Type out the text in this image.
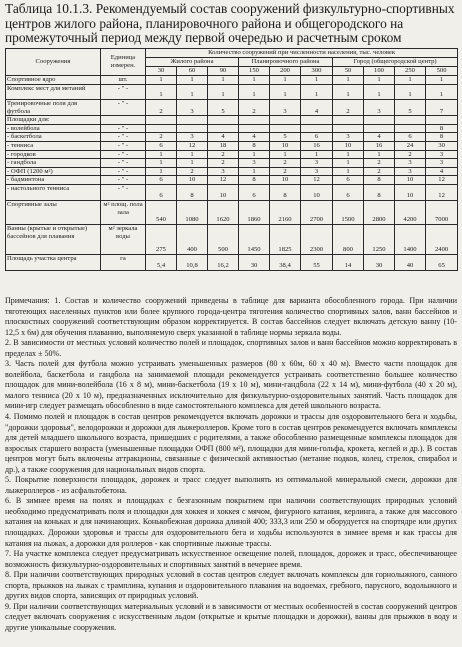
Таблица 10.1.3. Рекомендуемый состав сооружений физкультурно-спортивных центров жилого района, планировочного района и общегородского на промежуточный период между первой очередью и расчетным сроком
Сооружения	Единица измерен.	Количество сооружений при численности населения, тыс. человек									
		Жилого района			Планировочного района			Город (общегородской центр)			
		30	60	90	150	200	300	50	100	250	500
Спортивное ядро	шт.	1	1	1	1	1	1	1	1	1	1
Комплекс мест для метаний	- " -	1	1	1	1	1	1	1	1	1	1
Тренировочные поля для футбола	- " -	2	3	5	2	3	4	2	3	5	7
Площадки для:											
- волейбола	- " -										8
- баскетбола	- " -	2	3	4	4	5	6	3	4	6	8
- тенниса	- " -	6	12	18	8	10	16	10	16	24	30
- городков	- " -	1	1	2	1	1	1	1	1	2	3
- гандбола	- " -	1	1	2	3	2	3	1	2	3	3
- ОФП (1200 м²)	- " -	1	2	3	1	2	3	1	2	3	4
- бадминтона	- " -	6	10	12	8	10	12	6	8	10	12
- настольного тенниса	- " -	6	8	10	6	8	10	6	8	10	12
Спортивные залы	м² площ. пола зала	540	1080	1620	1860	2160	2700	1500	2800	4200	7000
Ванны (крытые и открытые) бассейнов для плавания	м² зеркала воды	275	400	500	1450	1825	2300	800	1250	1400	2400
Площадь участка центра	га	5,4	10,8	16,2	30	38,4	55	14	30	40	65

Примечания: 1. Состав и количество сооружений приведены в таблице для варианта обособленного города. При наличии тяготеющих населенных пунктов или более крупного города-центра тяготения количество спортивных залов, ванн бассейнов и плоскостных сооружений соответствующим образом корректируется. В состав бассейнов следует включать детскую ванну (10-12,5 x 6м) для обучения плаванию, выполняемую сверх указанной в таблице нормы зеркала воды.

2. В зависимости от местных условий количество полей и площадок, спортивных залов и ванн бассейнов можно корректировать в пределах ± 50%.

3. Часть полей для футбола можно устраивать уменьшенных размеров (80 x 60м, 60 x 40 м). Вместо части площадок для волейбола, баскетбола и гандбола на занимаемой площади рекомендуется устраивать соответственно большее количество площадок для мини-волейбола (16 x 8 м), мини-баскетбола (19 x 10 м), мини-гандбола (22 x 14 м), мини-футбола (40 x 20 м), малого тенниса (20 x 10 м), предназначенных исключительно для физкультурно-оздоровительных занятий. Часть площадок для мини-игр следует размещать обособленно в виде самостоятельного комплекса для детей школьного возраста.

4. Помимо полей и площадок в состав центров рекомендуется включать дорожки и трассы для оздоровительного бега и ходьбы, "дорожки здоровья", велодорожки и дорожки для лыжероллеров. Кроме того в состав центров рекомендуется включать комплексы для детей младшего школьного возраста, пришедших с родителями, а также обособленно размещенные комплексы площадок для взрослых старшего возраста (уменьшенные площадки ОФП (800 м²), площадки для мини-гольфа, крокета, кеглей и др.). В состав центров могут быть включены аттракционы, связанные с физической активностью (метание подков, колец, стрелок, спирабол и др.), а также сооружения для национальных видов спорта.

5. Покрытие поверхности площадок, дорожек и трасс следует выполнять из оптимальной минеральной смеси, дорожки для лыжероллеров - из асфальтобетона.

6. В зимнее время на полях и площадках с безгазонным покрытием при наличии соответствующих природных условий необходимо предусматривать поля и площадки для хоккея и хоккея с мячом, фигурного катания, керлинга, а также для массового катания на коньках и для начинающих. Конькобежная дорожка длиной 400; 333,3 или 250 м оборудуется на спортядре или других площадках. Дорожки здоровья и трассы для оздоровительного бега и ходьбы используются в зимнее время и как трассы для катания на лыжах, а дорожки для роллеров - как спортивные лыжные трассы.

7. На участке комплекса следует предусматривать искусственное освещение полей, площадок, дорожек и трасс, обеспечивающее возможность физкультурно-оздоровительных и спортивных занятий в вечернее время.

8. При наличии соответствующих природных условий в состав центров следует включать комплексы для горнолыжного, санного спорта, прыжков на лыжах с трамплина, купания и оздоровительного плавания на водоемах, гребного, парусного, водолыжного и других видов спорта, зависящих от природных условий.

9. При наличии соответствующих материальных условий и в зависимости от местных особенностей в состав сооружений центров следует включать сооружения с искусственным льдом (открытые и крытые площадки и дорожки), ванны для прыжков в воду и другие уникальные сооружения.
